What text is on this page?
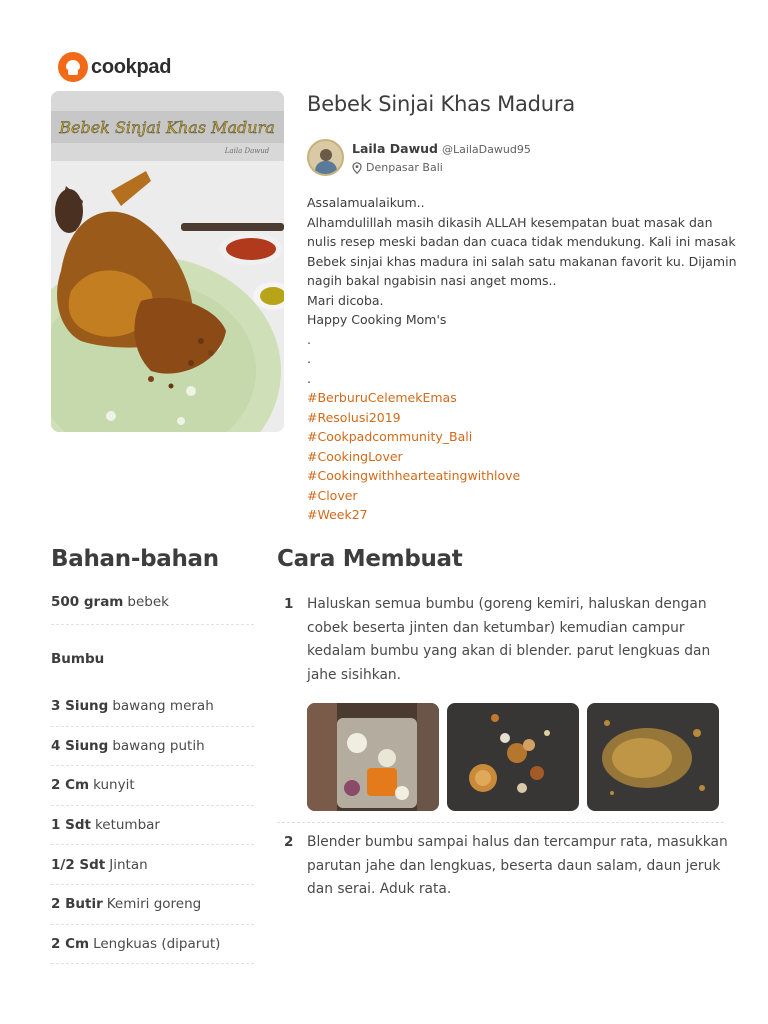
cookpad
Bebek Sinjai Khas Madura
Laila Dawud
Bebek Sinjai Khas Madura
Laila Dawud @LailaDawud95
Denpasar Bali
Assalamualaikum..
Alhamdulillah masih dikasih ALLAH kesempatan buat masak dan
nulis resep meski badan dan cuaca tidak mendukung. Kali ini masak
Bebek sinjai khas madura ini salah satu makanan favorit ku. Dijamin
nagih bakal ngabisin nasi anget moms..
Mari dicoba.
Happy Cooking Mom's
.
.
.
#BerburuCelemekEmas
#Resolusi2019
#Cookpadcommunity_Bali
#CookingLover
#Cookingwithhearteatingwithlove
#Clover
#Week27
Bahan-bahan
500 gram bebek
Bumbu
3 Siung bawang merah
4 Siung bawang putih
2 Cm kunyit
1 Sdt ketumbar
1/2 Sdt Jintan
2 Butir Kemiri goreng
2 Cm Lengkuas (diparut)
Cara Membuat
1 Haluskan semua bumbu (goreng kemiri, haluskan dengan
cobek beserta jinten dan ketumbar) kemudian campur
kedalam bumbu yang akan di blender. parut lengkuas dan
jahe sisihkan.
2 Blender bumbu sampai halus dan tercampur rata, masukkan
parutan jahe dan lengkuas, beserta daun salam, daun jeruk
dan serai. Aduk rata.
